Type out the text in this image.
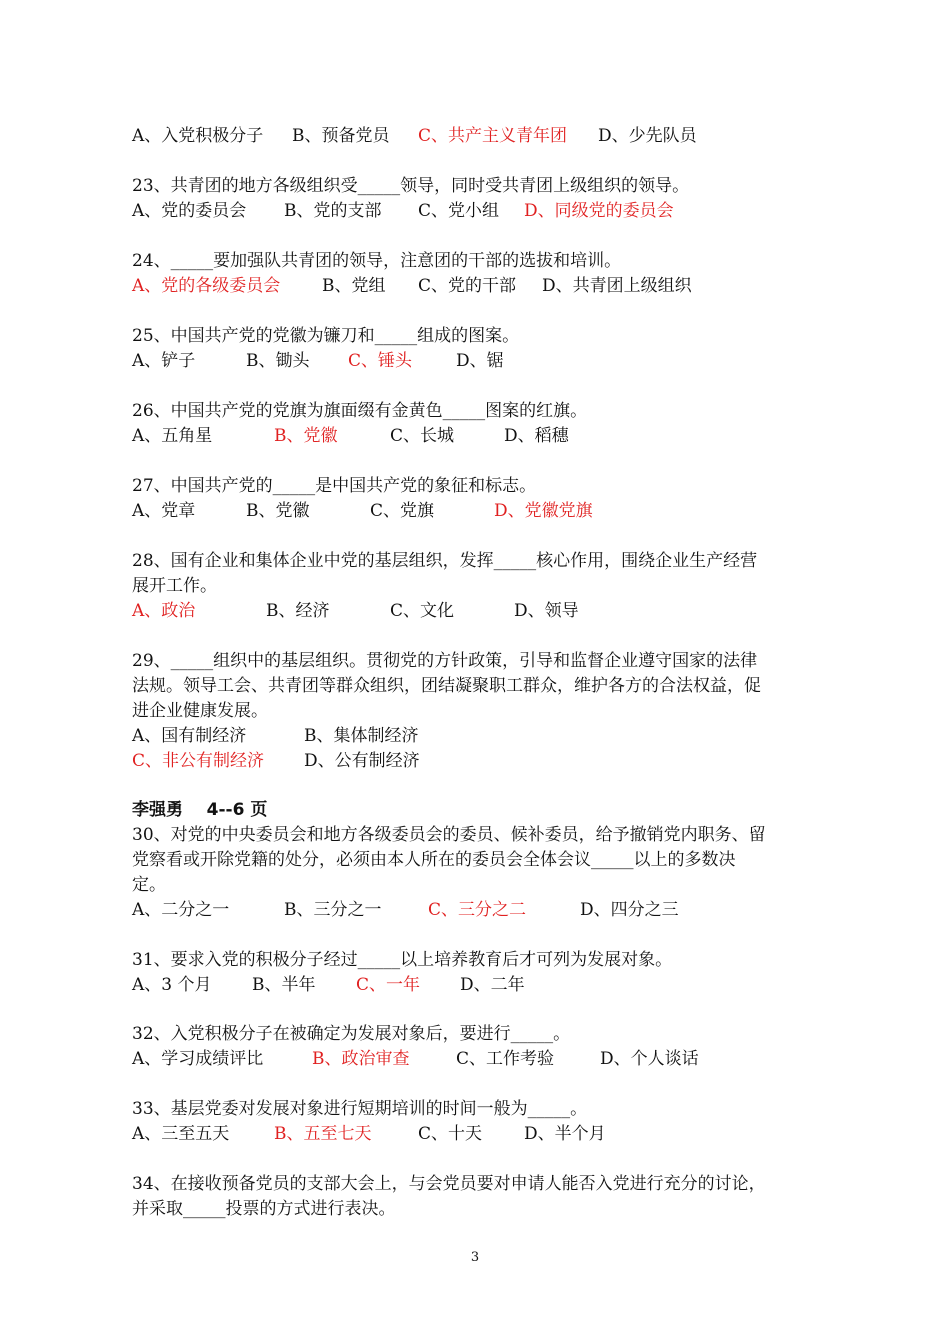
A、入党积极分子

B、预备党员

C、共产主义青年团

D、少先队员

23、共青团的地方各级组织受_____领导，同时受共青团上级组织的领导。

A、党的委员会

B、党的支部

C、党小组

D、同级党的委员会

24、_____要加强队共青团的领导，注意团的干部的选拔和培训。

A、党的各级委员会

B、党组

C、党的干部

D、共青团上级组织

25、中国共产党的党徽为镰刀和_____组成的图案。

A、铲子

	B、锄头

C、锤头

	D、锯

26、中国共产党的党旗为旗面缀有金黄色_____图案的红旗。

A、五角星

	B、党徽

	C、长城

	D、稻穗

27、中国共产党的_____是中国共产党的象征和标志。

A、党章

	B、党徽

	C、党旗

	D、党徽党旗

28、国有企业和集体企业中党的基层组织，发挥_____核心作用，围绕企业生产经营
展开工作。

A、政治

	B、经济

	C、文化

	D、领导

29、_____组织中的基层组织。贯彻党的方针政策，引导和监督企业遵守国家的法律
法规。领导工会、共青团等群众组织，团结凝聚职工群众，维护各方的合法权益，促
进企业健康发展。

A、国有制经济

	B、集体制经济

C、非公有制经济

D、公有制经济

李强勇    4--6 页
30、对党的中央委员会和地方各级委员会的委员、候补委员，给予撤销党内职务、留
党察看或开除党籍的处分，必须由本人所在的委员会全体会议_____以上的多数决
定。

A、二分之一

	B、三分之一

	C、三分之二

	D、四分之三

31、要求入党的积极分子经过_____以上培养教育后才可列为发展对象。

A、3 个月

B、半年

C、一年

D、二年

32、入党积极分子在被确定为发展对象后，要进行_____。

A、学习成绩评比

	B、政治审查

	C、工作考验

	D、个人谈话

33、基层党委对发展对象进行短期培训的时间一般为_____。

A、三至五天

	B、五至七天

	C、十天

D、半个月

34、在接收预备党员的支部大会上，与会党员要对申请人能否入党进行充分的讨论，
并采取_____投票的方式进行表决。
3
